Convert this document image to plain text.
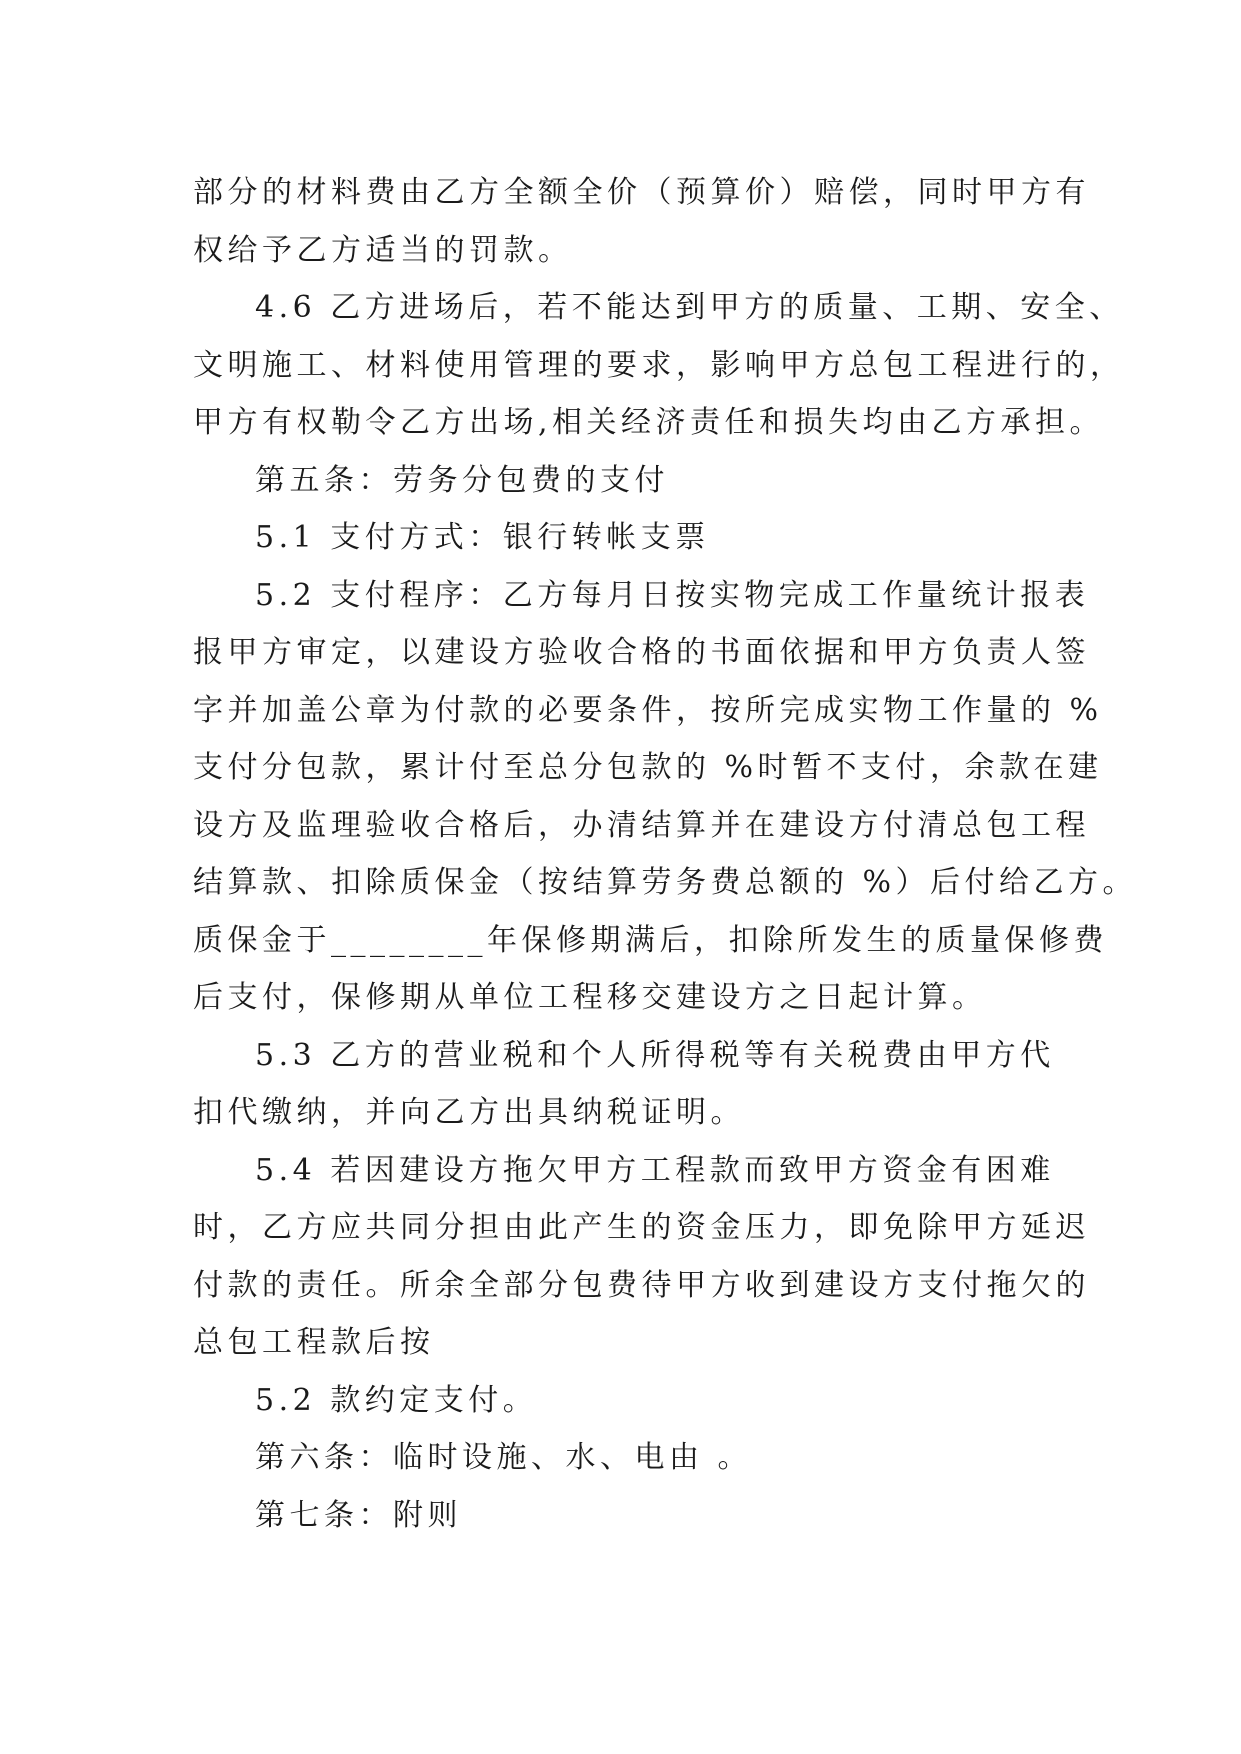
部分的材料费由乙方全额全价（预算价）赔偿，同时甲方有
权给予乙方适当的罚款。
4.6 乙方进场后，若不能达到甲方的质量、工期、安全、
文明施工、材料使用管理的要求，影响甲方总包工程进行的，
甲方有权勒令乙方出场,相关经济责任和损失均由乙方承担。
第五条：劳务分包费的支付
5.1 支付方式：银行转帐支票
5.2 支付程序：乙方每月日按实物完成工作量统计报表
报甲方审定，以建设方验收合格的书面依据和甲方负责人签
字并加盖公章为付款的必要条件，按所完成实物工作量的 %
支付分包款，累计付至总分包款的 %时暂不支付，余款在建
设方及监理验收合格后，办清结算并在建设方付清总包工程
结算款、扣除质保金（按结算劳务费总额的 %）后付给乙方。
质保金于________年保修期满后，扣除所发生的质量保修费
后支付，保修期从单位工程移交建设方之日起计算。
5.3 乙方的营业税和个人所得税等有关税费由甲方代
扣代缴纳，并向乙方出具纳税证明。
5.4 若因建设方拖欠甲方工程款而致甲方资金有困难
时，乙方应共同分担由此产生的资金压力，即免除甲方延迟
付款的责任。所余全部分包费待甲方收到建设方支付拖欠的
总包工程款后按
5.2 款约定支付。
第六条：临时设施、水、电由 。
第七条：附则
